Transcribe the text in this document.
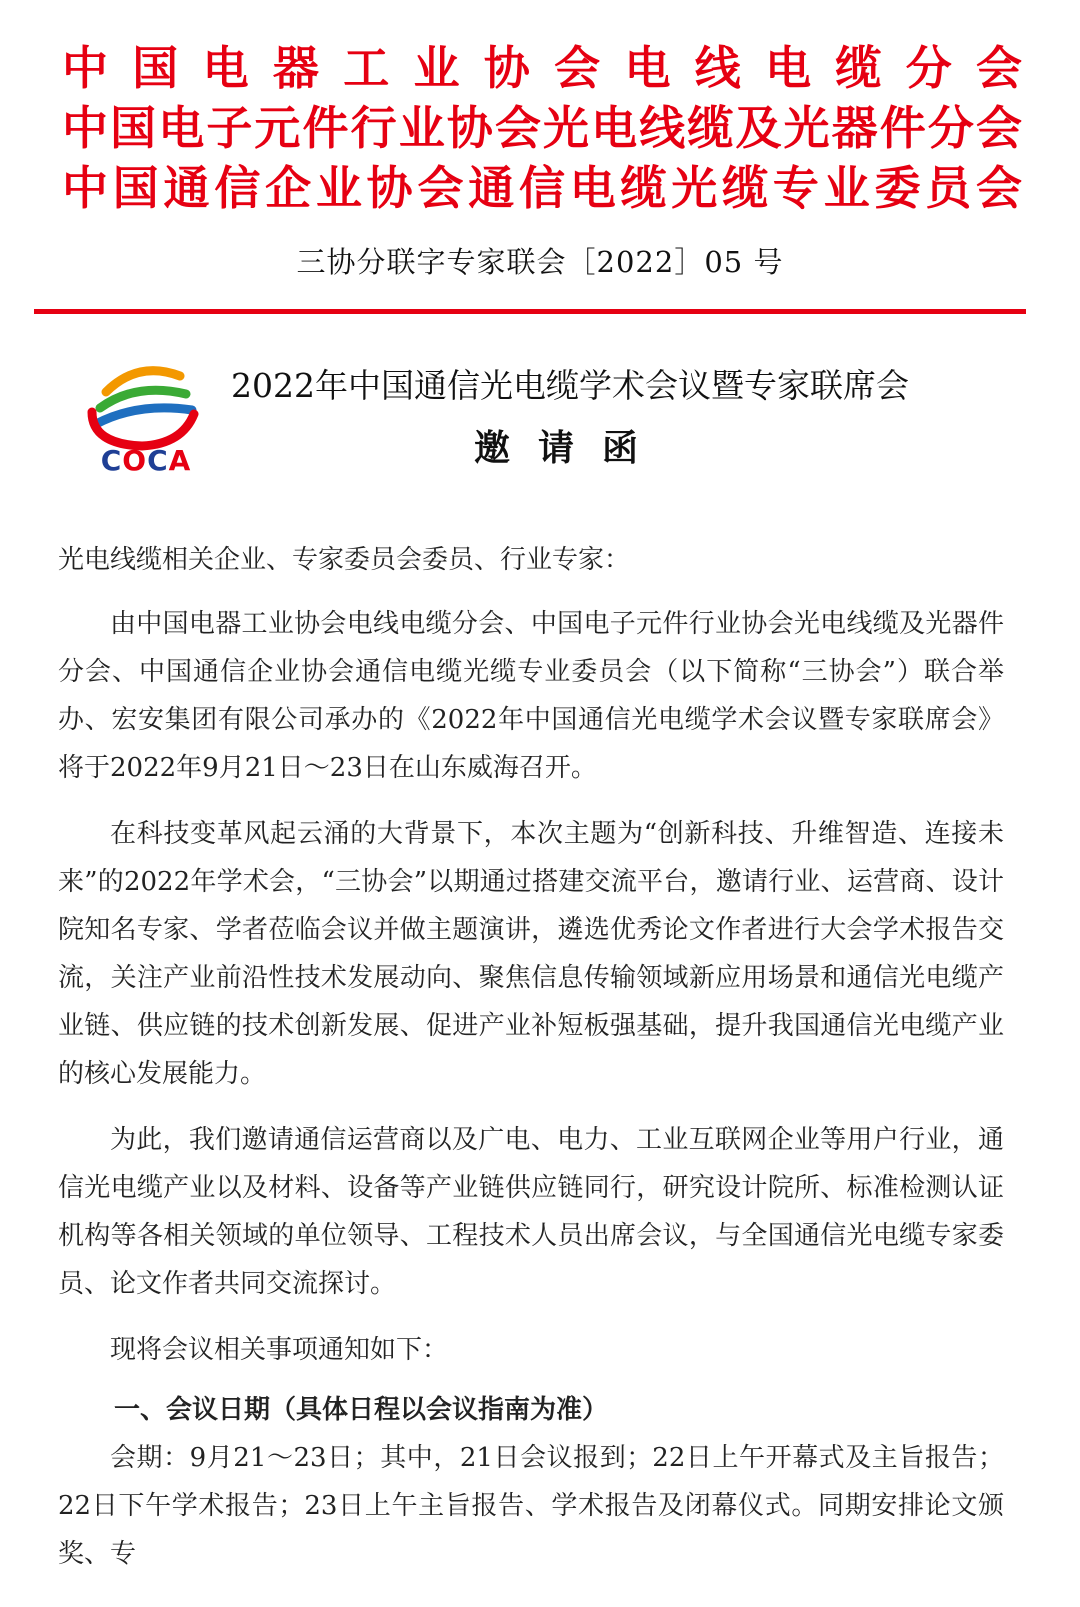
中国电器工业协会电线电缆分会
中国电子元件行业协会光电线缆及光器件分会
中国通信企业协会通信电缆光缆专业委员会
三协分联字专家联会［2022］05 号
COCA
2022年中国通信光电缆学术会议暨专家联席会
邀请函

光电线缆相关企业、专家委员会委员、行业专家：

由中国电器工业协会电线电缆分会、中国电子元件行业协会光电线缆及光器件分会、中国通信企业协会通信电缆光缆专业委员会（以下简称“三协会”）联合举办、宏安集团有限公司承办的《2022年中国通信光电缆学术会议暨专家联席会》将于2022年9月21日～23日在山东威海召开。

在科技变革风起云涌的大背景下，本次主题为“创新科技、升维智造、连接未来”的2022年学术会，“三协会”以期通过搭建交流平台，邀请行业、运营商、设计院知名专家、学者莅临会议并做主题演讲，遴选优秀论文作者进行大会学术报告交流，关注产业前沿性技术发展动向、聚焦信息传输领域新应用场景和通信光电缆产业链、供应链的技术创新发展、促进产业补短板强基础，提升我国通信光电缆产业的核心发展能力。

为此，我们邀请通信运营商以及广电、电力、工业互联网企业等用户行业，通信光电缆产业以及材料、设备等产业链供应链同行，研究设计院所、标准检测认证机构等各相关领域的单位领导、工程技术人员出席会议，与全国通信光电缆专家委员、论文作者共同交流探讨。

现将会议相关事项通知如下：

一、会议日期（具体日程以会议指南为准）

会期：9月21～23日；其中，21日会议报到；22日上午开幕式及主旨报告；22日下午学术报告；23日上午主旨报告、学术报告及闭幕仪式。同期安排论文颁奖、专
